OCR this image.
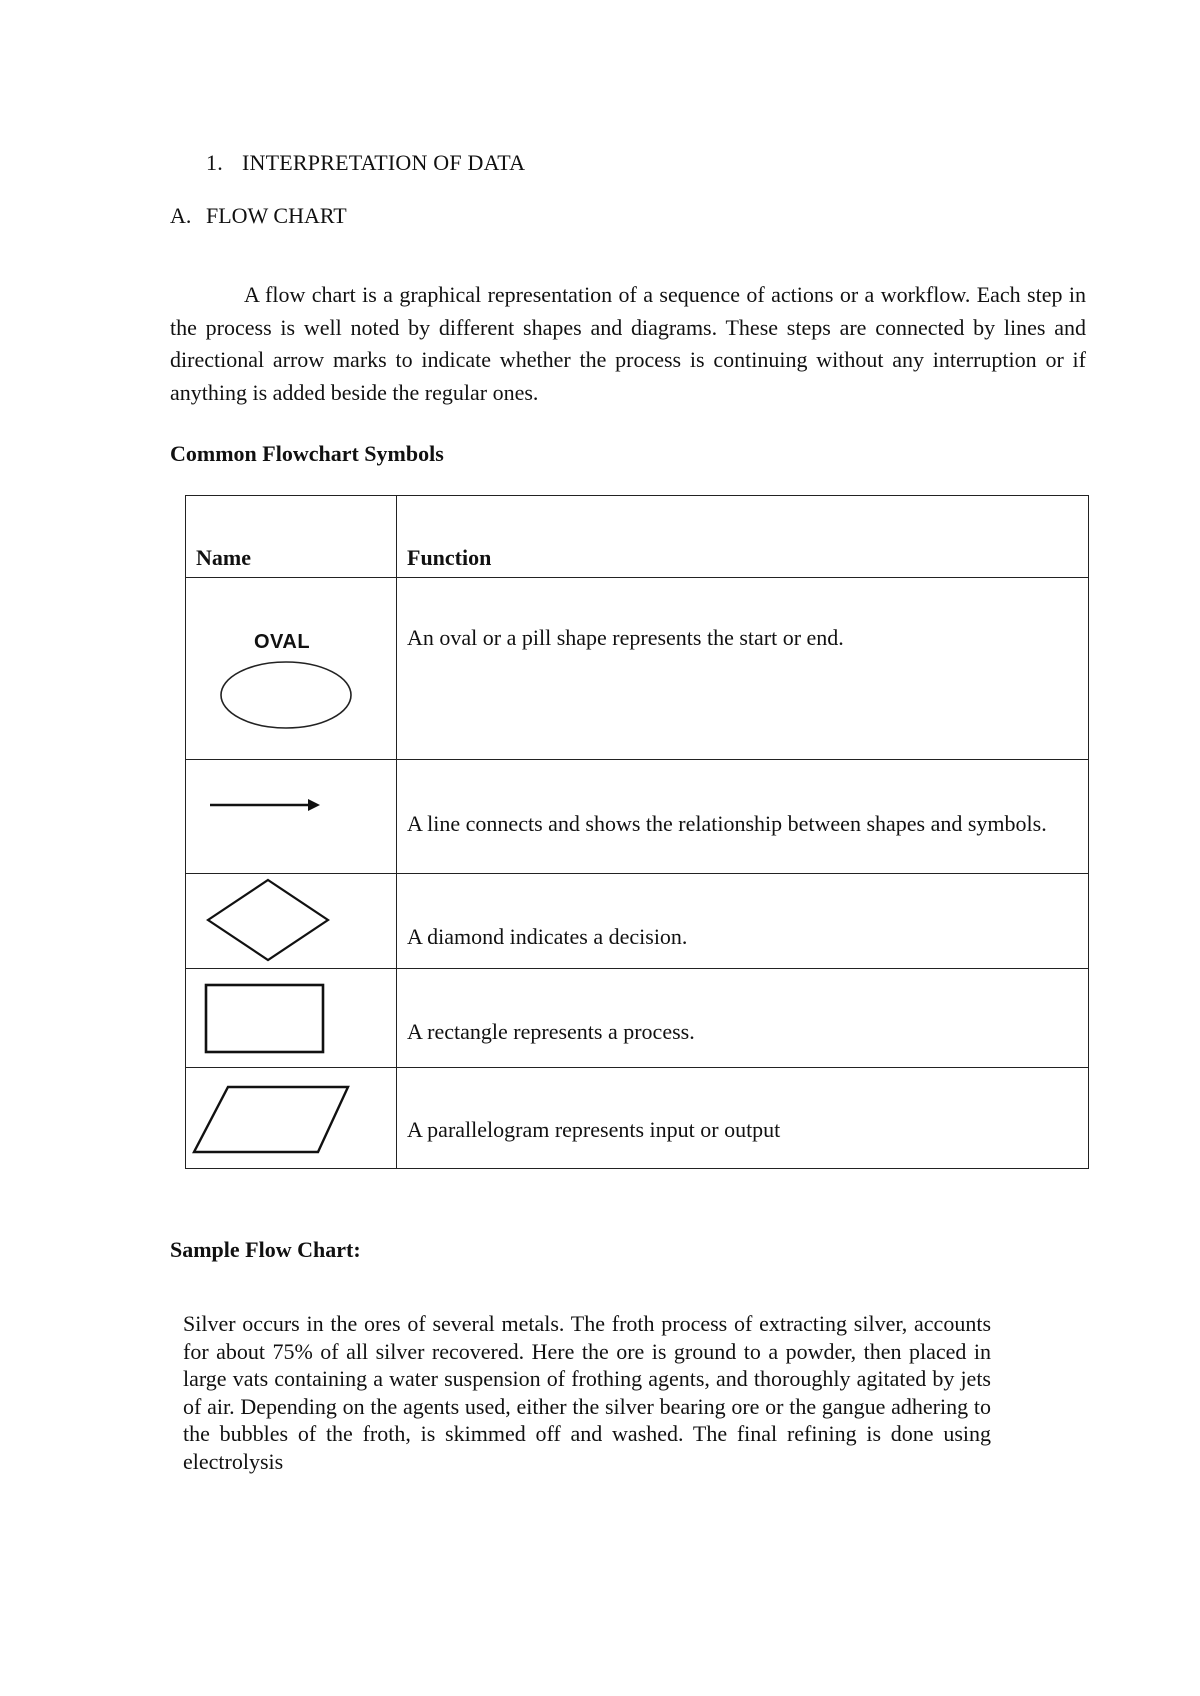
1. INTERPRETATION OF DATA
A. FLOW CHART

A flow chart is a graphical representation of a sequence of actions or a workflow. Each step in the process is well noted by different shapes and diagrams. These steps are connected by lines and directional arrow marks to indicate whether the process is continuing without any interruption or if anything is added beside the regular ones.

Common Flowchart Symbols
Name	Function

OVAL	An oval or a pill shape represents the start or end.

A line connects and shows the relationship between shapes and symbols.

A diamond indicates a decision.

A rectangle represents a process.

A parallelogram represents input or output
Sample Flow Chart:

Silver occurs in the ores of several metals. The froth process of extracting silver, accounts for about 75% of all silver recovered. Here the ore is ground to a powder, then placed in large vats containing a water suspension of frothing agents, and thoroughly agitated by jets of air. Depending on the agents used, either the silver bearing ore or the gangue adhering to the bubbles of the froth, is skimmed off and washed. The final refining is done using electrolysis
